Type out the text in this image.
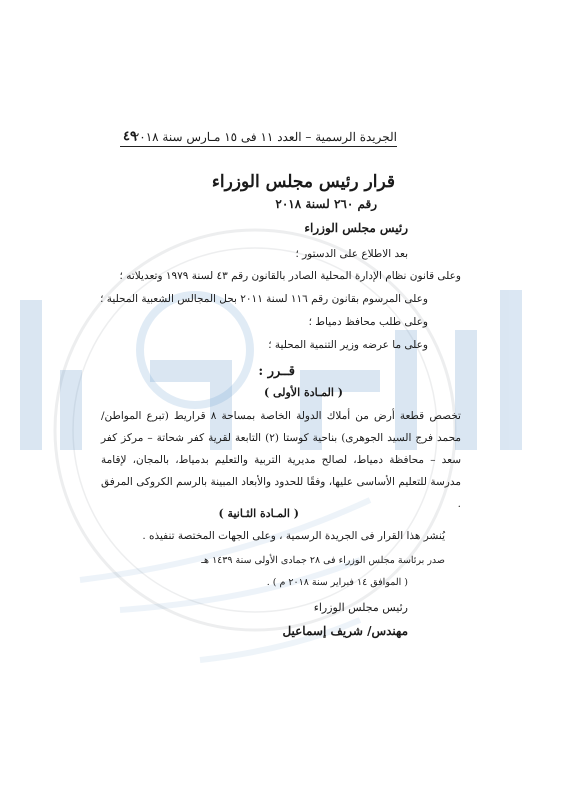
الجريدة الرسمية – العدد ١١ فى ١٥ مـارس سنة ٢٠١٨
٤٩
قرار رئيس مجلس الوزراء
رقم ٢٦٠ لسنة ٢٠١٨
رئيس مجلس الوزراء
بعد الاطلاع على الدستور ؛
وعلى قانون نظام الإدارة المحلية الصادر بالقانون رقم ٤٣ لسنة ١٩٧٩ وتعديلاته ؛
وعلى المرسوم بقانون رقم ١١٦ لسنة ٢٠١١ بحل المجالس الشعبية المحلية ؛
وعلى طلب محافظ دمياط ؛
وعلى ما عرضه وزير التنمية المحلية ؛
قــرر :
( المـادة الأولى )
تخصص قطعة أرض من أملاك الدولة الخاصة بمساحة ٨ قراريط (تبرع المواطن/ محمد فرج السيد الجوهرى) بناحية كوستا (٢) التابعة لقرية كفر شحاتة – مركز كفر سعد – محافظة دمياط، لصالح مديرية التربية والتعليم بدمياط، بالمجان، لإقامة مدرسة للتعليم الأساسى عليها، وفقًا للحدود والأبعاد المبينة بالرسم الكروكى المرفق .
( المـادة الثـانية )
يُنشر هذا القرار فى الجريدة الرسمية ، وعلى الجهات المختصة تنفيذه .
صدر برئاسة مجلس الوزراء فى ٢٨ جمادى الأولى سنة ١٤٣٩ هـ
( الموافق ١٤ فبراير سنة ٢٠١٨ م ) .
رئيس مجلس الوزراء
مهندس/ شريف إسماعيل
